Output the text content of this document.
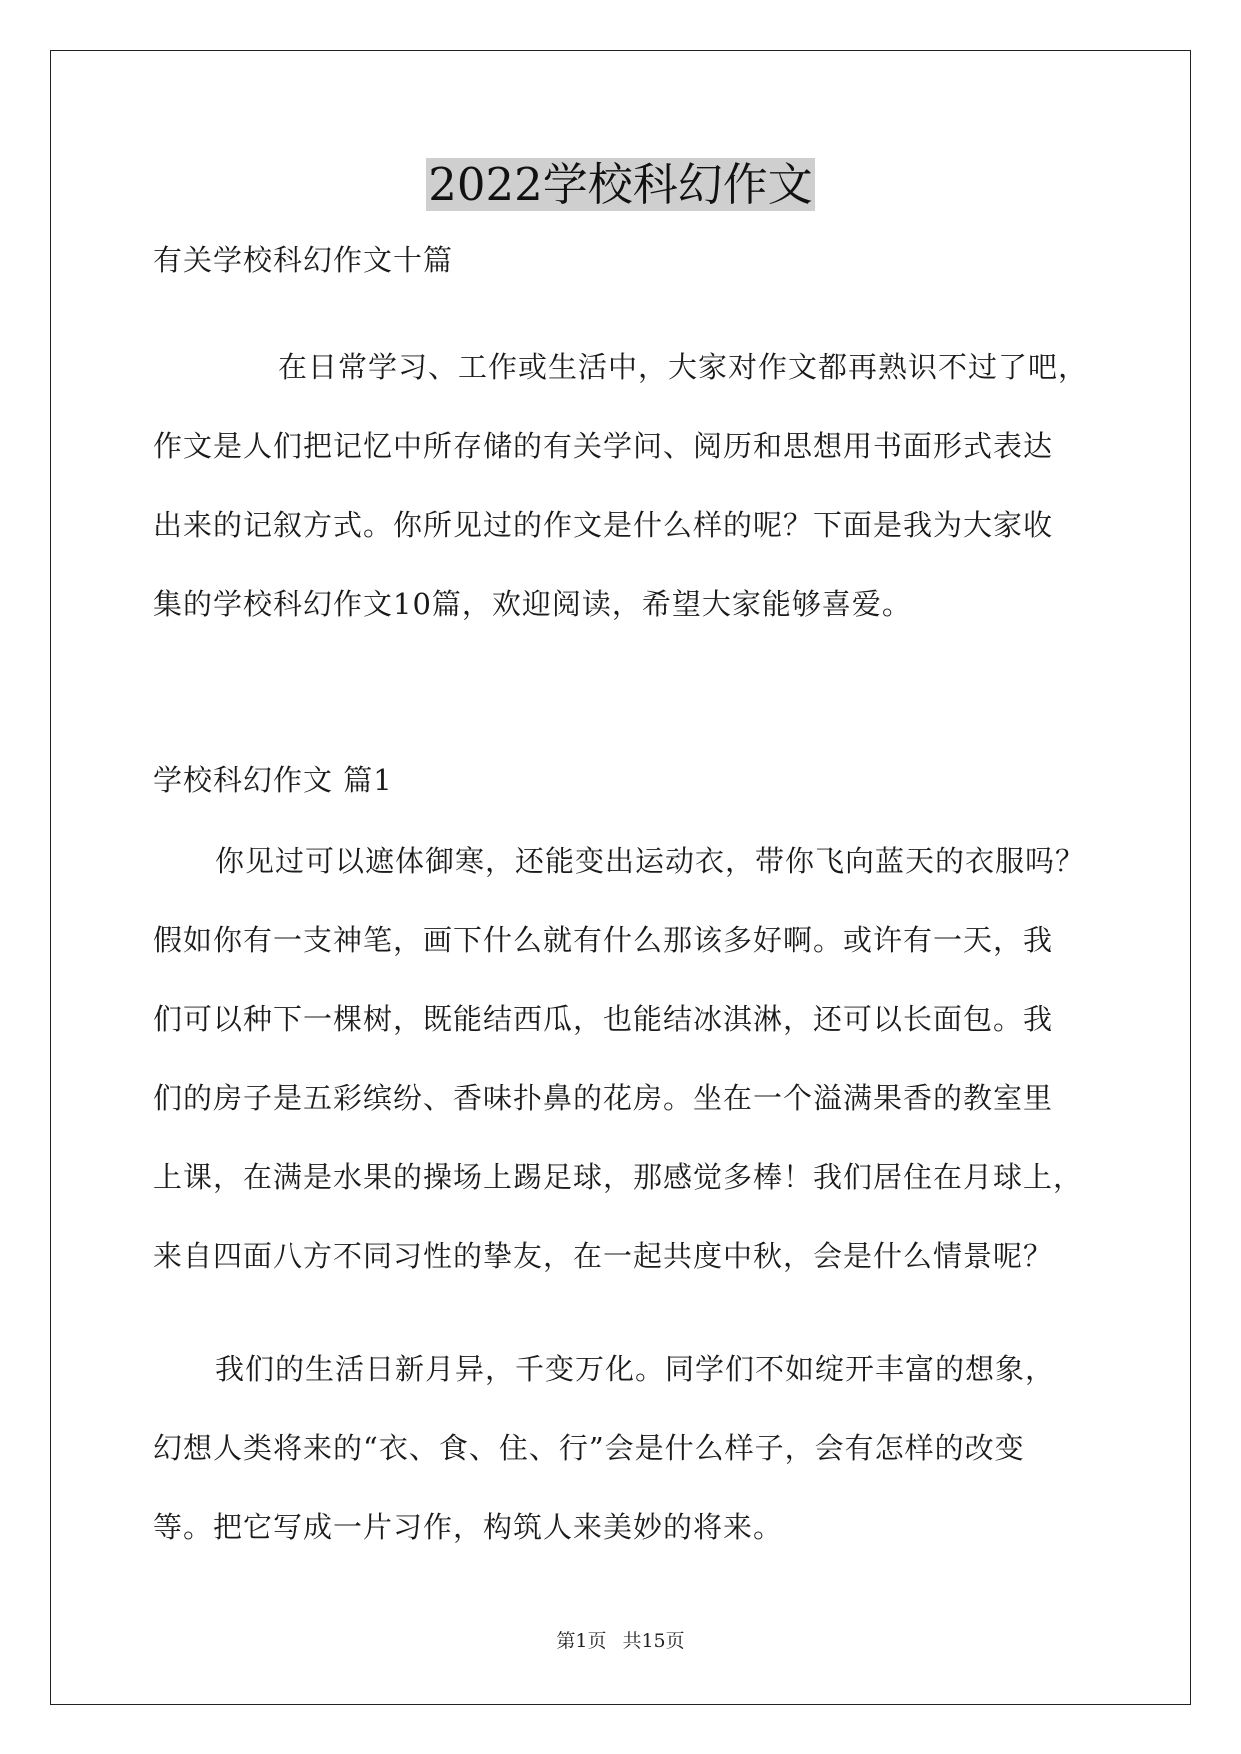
2022学校科幻作文

有关学校科幻作文十篇

在日常学习、工作或生活中，大家对作文都再熟识不过了吧，
作文是人们把记忆中所存储的有关学问、阅历和思想用书面形式表达
出来的记叙方式。你所见过的作文是什么样的呢？下面是我为大家收
集的学校科幻作文10篇，欢迎阅读，希望大家能够喜爱。

学校科幻作文 篇1

你见过可以遮体御寒，还能变出运动衣，带你飞向蓝天的衣服吗？
假如你有一支神笔，画下什么就有什么那该多好啊。或许有一天，我
们可以种下一棵树，既能结西瓜，也能结冰淇淋，还可以长面包。我
们的房子是五彩缤纷、香味扑鼻的花房。坐在一个溢满果香的教室里
上课，在满是水果的操场上踢足球，那感觉多棒！我们居住在月球上，
来自四面八方不同习性的挚友，在一起共度中秋，会是什么情景呢？
我们的生活日新月异，千变万化。同学们不如绽开丰富的想象，
幻想人类将来的“衣、食、住、行”会是什么样子，会有怎样的改变
等。把它写成一片习作，构筑人来美妙的将来。
第1页 共15页
